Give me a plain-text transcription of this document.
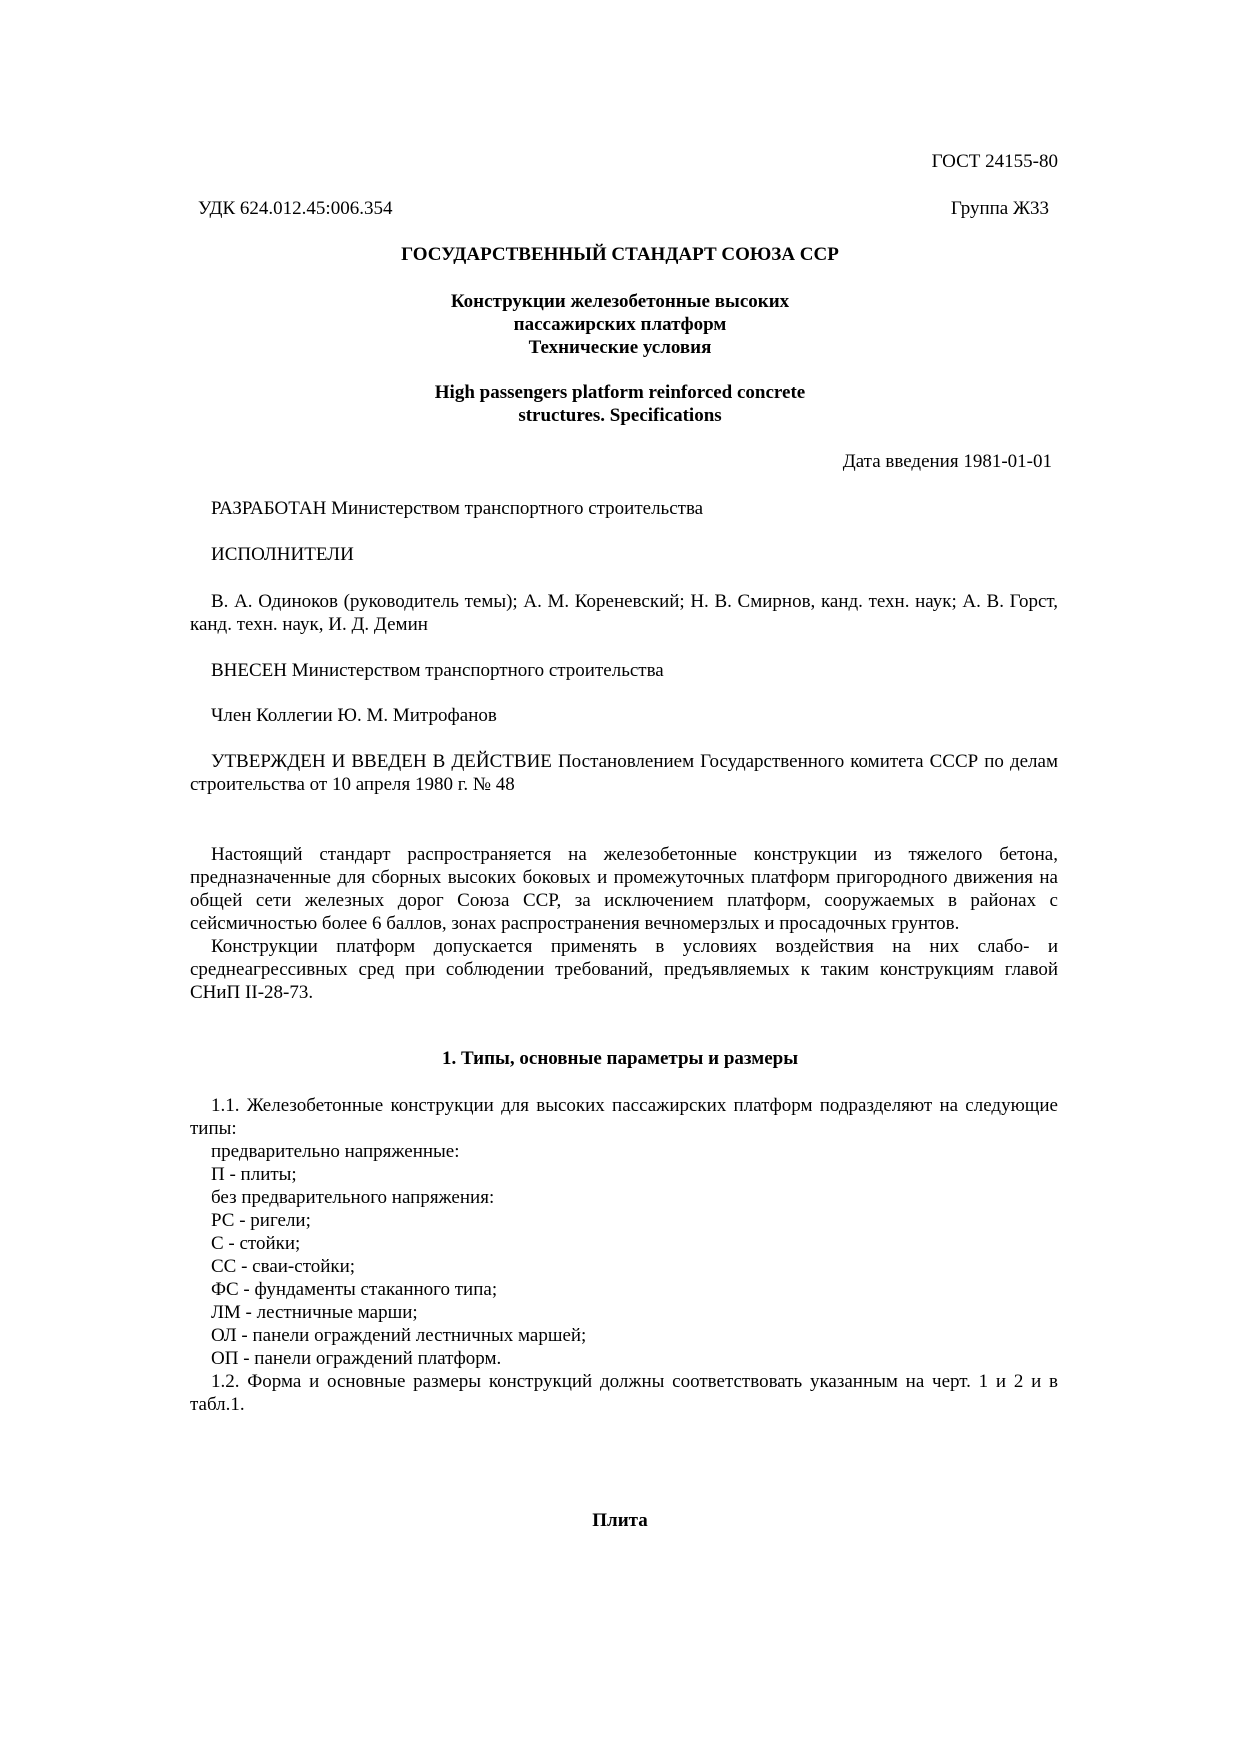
ГОСТ 24155-80

УДК 624.012.45:006.354	Группа Ж33

ГОСУДАРСТВЕННЫЙ СТАНДАРТ СОЮЗА ССР

Конструкции железобетонные высоких
пассажирских платформ
Технические условия
High passengers platform reinforced concrete
structures. Specifications

Дата введения 1981-01-01

РАЗРАБОТАН Министерством транспортного строительства

ИСПОЛНИТЕЛИ

В. А. Одиноков (руководитель темы); А. М. Кореневский; Н. В. Смирнов, канд. техн. наук; А. В. Горст, канд. техн. наук, И. Д. Демин

ВНЕСЕН Министерством транспортного строительства

Член Коллегии Ю. М. Митрофанов

УТВЕРЖДЕН И ВВЕДЕН В ДЕЙСТВИЕ Постановлением Государственного комитета СССР по делам строительства от 10 апреля 1980 г. № 48

Настоящий стандарт распространяется на железобетонные конструкции из тяжелого бетона, предназначенные для сборных высоких боковых и промежуточных платформ пригородного движения на общей сети железных дорог Союза ССР, за исключением платформ, сооружаемых в районах с сейсмичностью более 6 баллов, зонах распространения вечномерзлых и просадочных грунтов.
Конструкции платформ допускается применять в условиях воздействия на них слабо- и среднеагрессивных сред при соблюдении требований, предъявляемых к таким конструкциям главой СНиП II-28-73.

1. Типы, основные параметры и размеры

1.1. Железобетонные конструкции для высоких пассажирских платформ подразделяют на следующие типы:
предварительно напряженные:
П - плиты;
без предварительного напряжения:
РС - ригели;
С - стойки;
СС - сваи-стойки;
ФС - фундаменты стаканного типа;
ЛМ - лестничные марши;
ОЛ - панели ограждений лестничных маршей;
ОП - панели ограждений платформ.
1.2. Форма и основные размеры конструкций должны соответствовать указанным на черт. 1 и 2 и в табл.1.

Плита
